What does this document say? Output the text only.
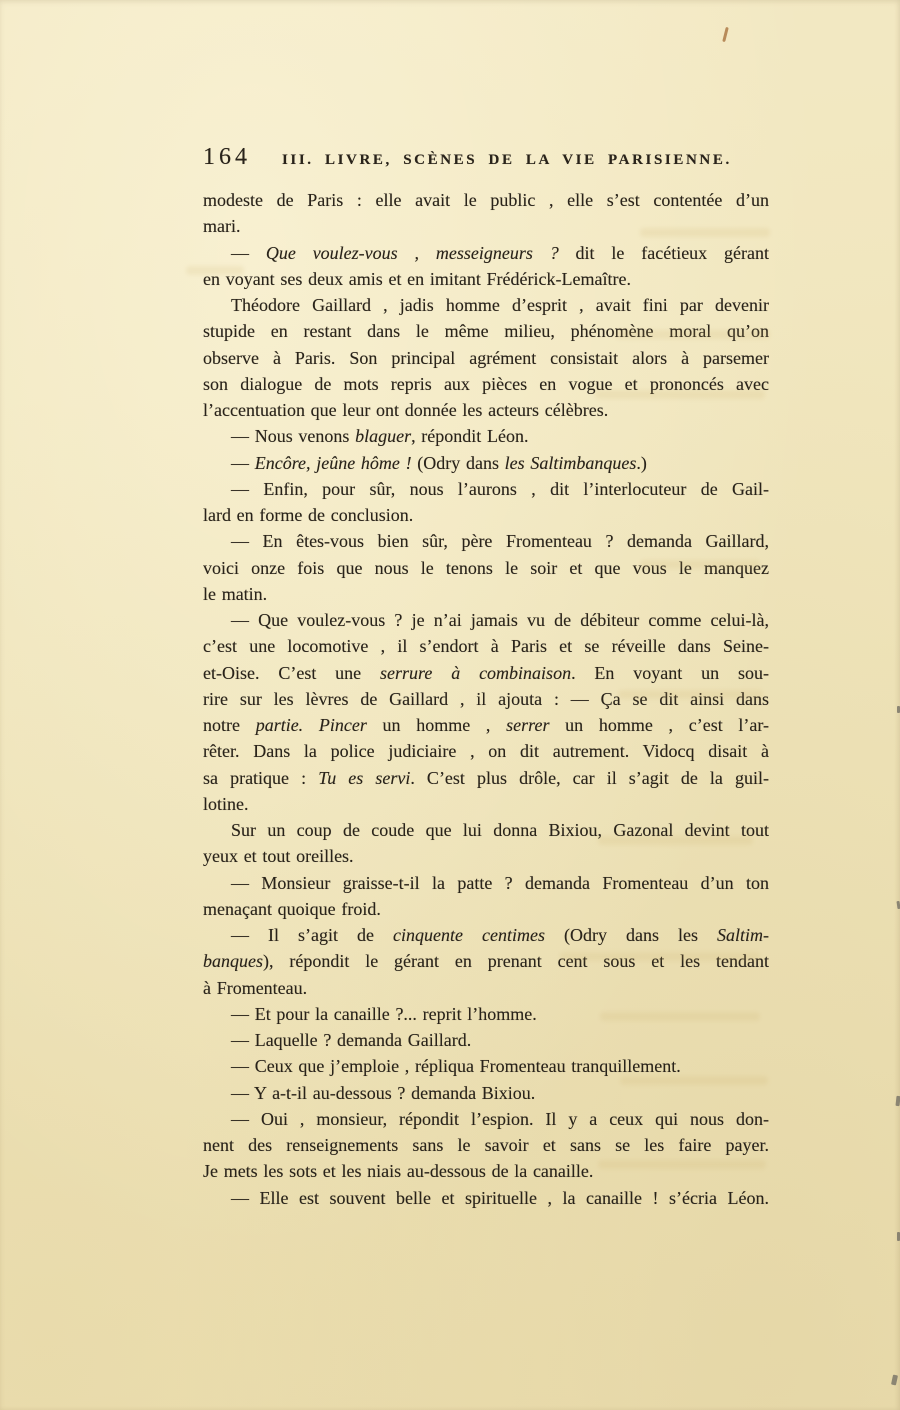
164 III. LIVRE, SCÈNES DE LA VIE PARISIENNE.
modeste de Paris : elle avait le public , elle s’est contentée d’un
mari.
— Que voulez-vous , messeigneurs ? dit le facétieux gérant
en voyant ses deux amis et en imitant Frédérick-Lemaître.
Théodore Gaillard , jadis homme d’esprit , avait fini par devenir
stupide en restant dans le même milieu, phénomène moral qu’on
observe à Paris. Son principal agrément consistait alors à parsemer
son dialogue de mots repris aux pièces en vogue et prononcés avec
l’accentuation que leur ont donnée les acteurs célèbres.
— Nous venons blaguer, répondit Léon.
— Encôre, jeûne hôme ! (Odry dans les Saltimbanques.)
— Enfin, pour sûr, nous l’aurons , dit l’interlocuteur de Gail-
lard en forme de conclusion.
— En êtes-vous bien sûr, père Fromenteau ? demanda Gaillard,
voici onze fois que nous le tenons le soir et que vous le manquez
le matin.
— Que voulez-vous ? je n’ai jamais vu de débiteur comme celui-là,
c’est une locomotive , il s’endort à Paris et se réveille dans Seine-
et-Oise. C’est une serrure à combinaison. En voyant un sou-
rire sur les lèvres de Gaillard , il ajouta : — Ça se dit ainsi dans
notre partie. Pincer un homme , serrer un homme , c’est l’ar-
rêter. Dans la police judiciaire , on dit autrement. Vidocq disait à
sa pratique : Tu es servi. C’est plus drôle, car il s’agit de la guil-
lotine.
Sur un coup de coude que lui donna Bixiou, Gazonal devint tout
yeux et tout oreilles.
— Monsieur graisse-t-il la patte ? demanda Fromenteau d’un ton
menaçant quoique froid.
— Il s’agit de cinquente centimes (Odry dans les Saltim-
banques), répondit le gérant en prenant cent sous et les tendant
à Fromenteau.
— Et pour la canaille ?... reprit l’homme.
— Laquelle ? demanda Gaillard.
— Ceux que j’emploie , répliqua Fromenteau tranquillement.
— Y a-t-il au-dessous ? demanda Bixiou.
— Oui , monsieur, répondit l’espion. Il y a ceux qui nous don-
nent des renseignements sans le savoir et sans se les faire payer.
Je mets les sots et les niais au-dessous de la canaille.
— Elle est souvent belle et spirituelle , la canaille ! s’écria Léon.
